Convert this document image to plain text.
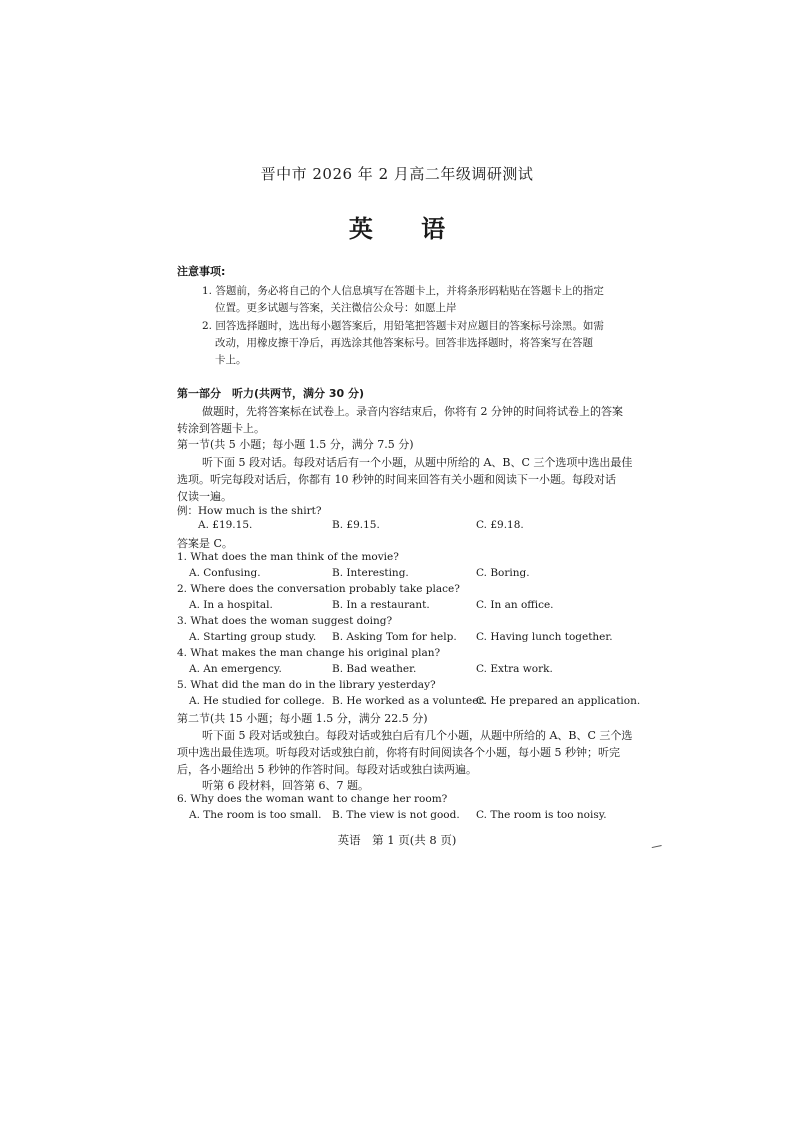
晋中市 2026 年 2 月高二年级调研测试
英 语
注意事项:
1. 答题前，务必将自己的个人信息填写在答题卡上，并将条形码粘贴在答题卡上的指定
位置。更多试题与答案，关注微信公众号：如愿上岸
2. 回答选择题时，选出每小题答案后，用铅笔把答题卡对应题目的答案标号涂黑。如需
改动，用橡皮擦干净后，再选涂其他答案标号。回答非选择题时，将答案写在答题
卡上。
第一部分　听力(共两节，满分 30 分)
做题时，先将答案标在试卷上。录音内容结束后，你将有 2 分钟的时间将试卷上的答案
转涂到答题卡上。
第一节(共 5 小题；每小题 1.5 分，满分 7.5 分)
听下面 5 段对话。每段对话后有一个小题，从题中所给的 A、B、C 三个选项中选出最佳
选项。听完每段对话后，你都有 10 秒钟的时间来回答有关小题和阅读下一小题。每段对话
仅读一遍。
例：How much is the shirt?
A. £19.15.	B. £9.15.	C. £9.18.
答案是 C。
1. What does the man think of the movie?
A. Confusing.	B. Interesting.	C. Boring.
2. Where does the conversation probably take place?
A. In a hospital.	B. In a restaurant.	C. In an office.
3. What does the woman suggest doing?
A. Starting group study. B. Asking Tom for help. C. Having lunch together.
4. What makes the man change his original plan?
A. An emergency.	B. Bad weather.	C. Extra work.
5. What did the man do in the library yesterday?
A. He studied for college. B. He worked as a volunteer.
C. He prepared an application.
第二节(共 15 小题；每小题 1.5 分，满分 22.5 分)
听下面 5 段对话或独白。每段对话或独白后有几个小题，从题中所给的 A、B、C 三个选
项中选出最佳选项。听每段对话或独白前，你将有时间阅读各个小题，每小题 5 秒钟；听完
后，各小题给出 5 秒钟的作答时间。每段对话或独白读两遍。
听第 6 段材料，回答第 6、7 题。
6. Why does the woman want to change her room?
A. The room is too small. B. The view is not good. C. The room is too noisy.
英语　第 1 页(共 8 页)
